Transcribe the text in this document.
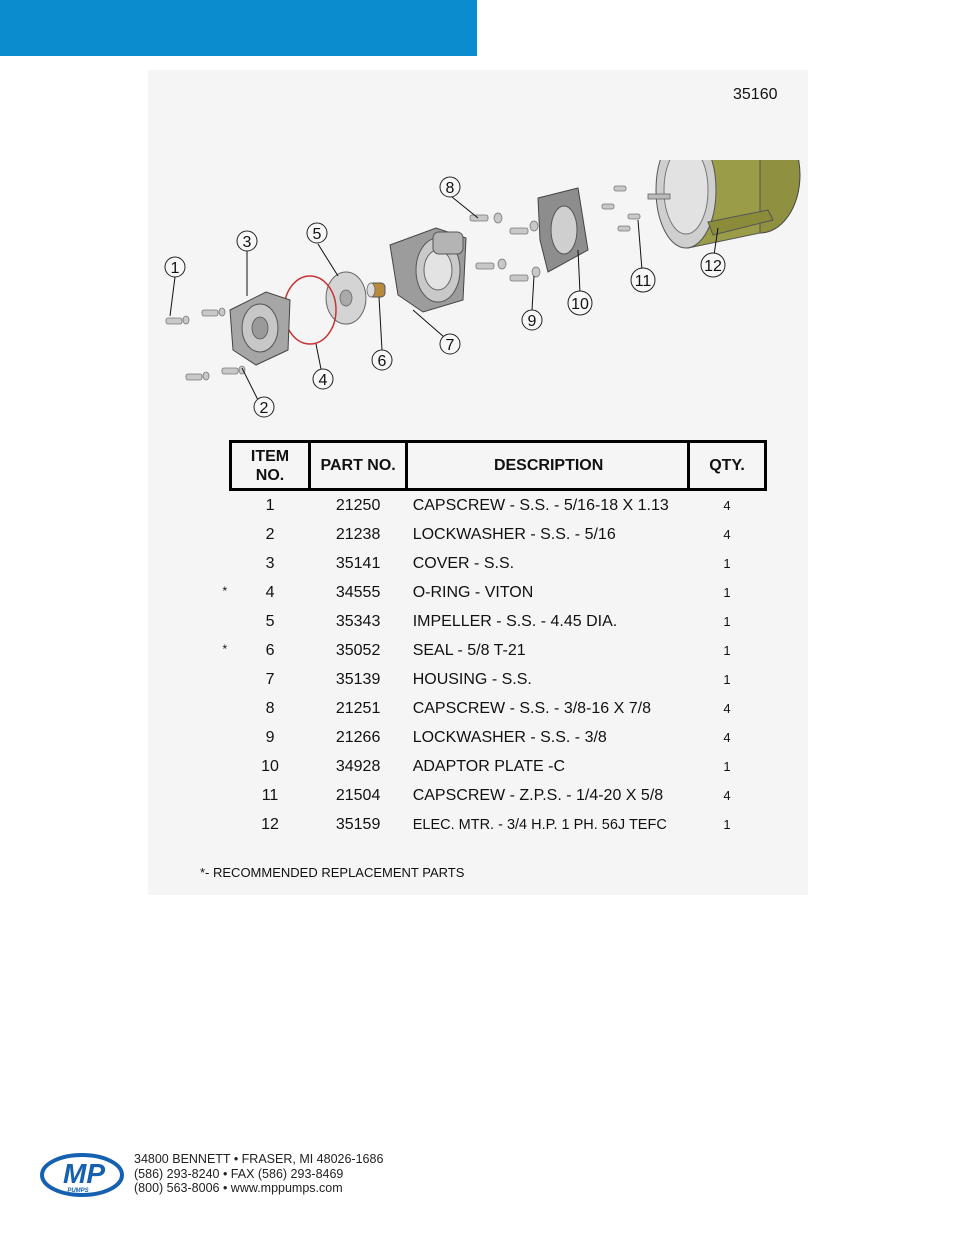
35160
1
2
3
4
5
6
7
8
9
10
11
12
ITEM NO.	PART NO.	DESCRIPTION	QTY.

1	21250	CAPSCREW - S.S. - 5/16-18 X 1.13	4

2	21238	LOCKWASHER - S.S. - 5/16	4

3	35141	COVER - S.S.	1

* 4	34555	O-RING - VITON	1

5	35343	IMPELLER - S.S. - 4.45 DIA.	1

* 6	35052	SEAL - 5/8 T-21	1

7	35139	HOUSING - S.S.	1

8	21251	CAPSCREW - S.S. - 3/8-16 X 7/8	4

9	21266	LOCKWASHER - S.S. - 3/8	4

10	34928	ADAPTOR PLATE -C	1

11	21504	CAPSCREW - Z.P.S. - 1/4-20 X 5/8	4

12	35159	ELEC. MTR. - 3/4 H.P. 1 PH. 56J TEFC	1
*- RECOMMENDED REPLACEMENT PARTS
MP
PUMPS
34800 BENNETT • FRASER, MI 48026-1686
(586) 293-8240 • FAX (586) 293-8469
(800) 563-8006 • www.mppumps.com
